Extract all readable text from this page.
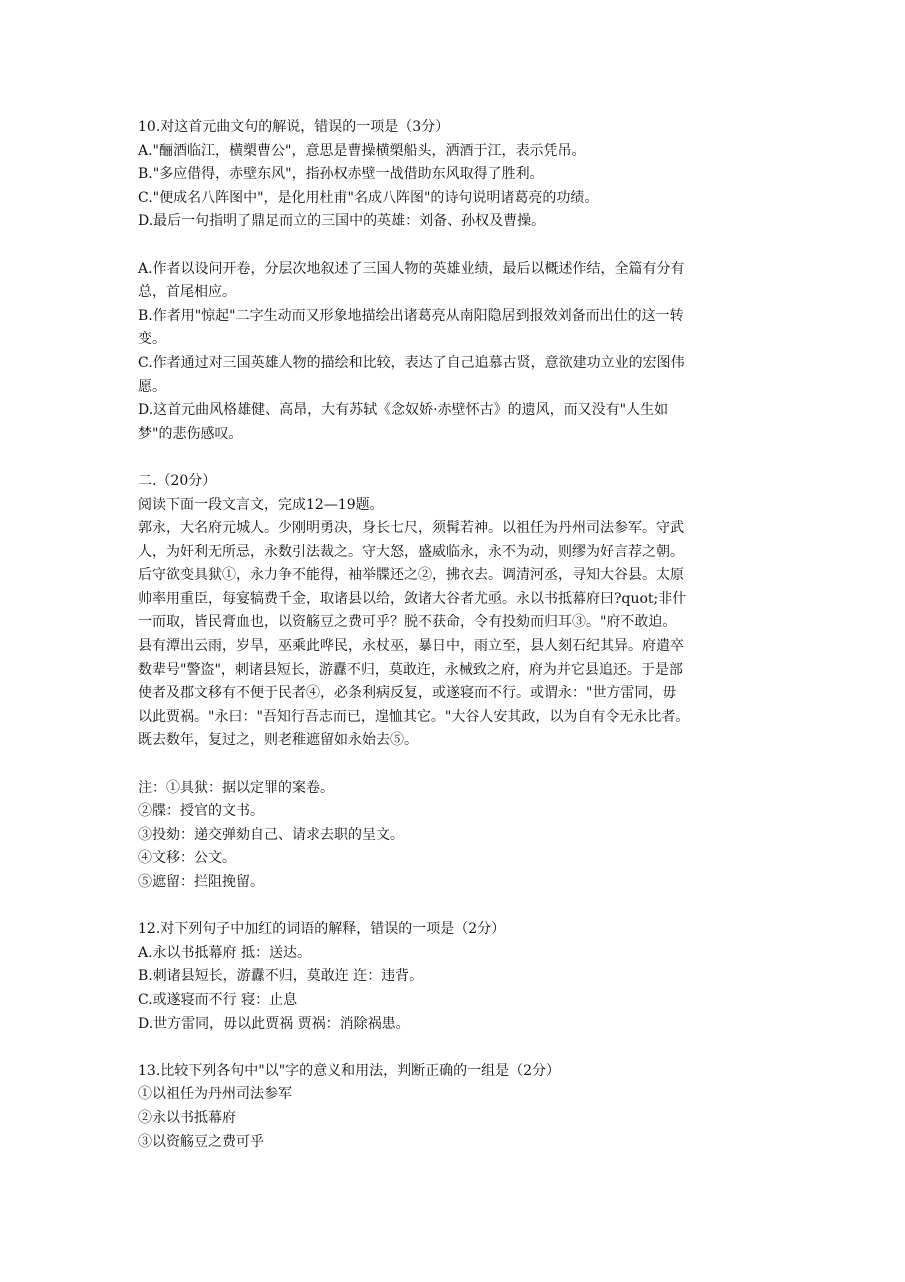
10.对这首元曲文句的解说，错误的一项是（3分）
A."酾酒临江，横槊曹公"，意思是曹操横槊船头，洒酒于江，表示凭吊。
B."多应借得，赤壁东风"，指孙权赤壁一战借助东风取得了胜利。
C."便成名八阵图中"，是化用杜甫"名成八阵图"的诗句说明诸葛亮的功绩。
D.最后一句指明了鼎足而立的三国中的英雄：刘备、孙权及曹操。
A.作者以设问开卷，分层次地叙述了三国人物的英雄业绩，最后以概述作结，全篇有分有
总，首尾相应。
B.作者用"惊起"二字生动而又形象地描绘出诸葛亮从南阳隐居到报效刘备而出仕的这一转
变。
C.作者通过对三国英雄人物的描绘和比较，表达了自己追慕古贤，意欲建功立业的宏图伟
愿。
D.这首元曲风格雄健、高昂，大有苏轼《念奴娇·赤壁怀古》的遗风，而又没有"人生如
梦"的悲伤感叹。
二.（20分）
阅读下面一段文言文，完成12—19题。
郭永，大名府元城人。少刚明勇决，身长七尺，须髯若神。以祖任为丹州司法参军。守武
人，为奸利无所忌，永数引法裁之。守大怒，盛威临永，永不为动，则缪为好言荐之朝。
后守欲变具狱①，永力争不能得，袖举牒还之②，拂衣去。调清河丞，寻知大谷县。太原
帅率用重臣，每宴犒费千金，取诸县以给，敛诸大谷者尤亟。永以书抵幕府曰?quot;非什
一而取，皆民膏血也，以资觞豆之费可乎？脱不获命，令有投劾而归耳③。"府不敢迫。
县有潭出云雨，岁旱，巫乘此哗民，永杖巫，暴日中，雨立至，县人刻石纪其异。府遣卒
数辈号"警盗"，刺诸县短长，游纛不归，莫敢迕，永械致之府，府为并它县追还。于是部
使者及郡文移有不便于民者④，必条利病反复，或遂寝而不行。或谓永："世方雷同，毋
以此贾祸。"永曰："吾知行吾志而已，遑恤其它。"大谷人安其政，以为自有令无永比者。
既去数年，复过之，则老稚遮留如永始去⑤。
注：①具狱：据以定罪的案卷。
②牒：授官的文书。
③投劾：递交弹劾自己、请求去职的呈文。
④文移：公文。
⑤遮留：拦阻挽留。
12.对下列句子中加红的词语的解释，错误的一项是（2分）
A.永以书抵幕府 抵：送达。
B.刺诸县短长，游纛不归，莫敢迕 迕：违背。
C.或遂寝而不行 寝：止息
D.世方雷同，毋以此贾祸 贾祸：消除祸患。
13.比较下列各句中"以"字的意义和用法，判断正确的一组是（2分）
①以祖任为丹州司法参军
②永以书抵幕府
③以资觞豆之费可乎
